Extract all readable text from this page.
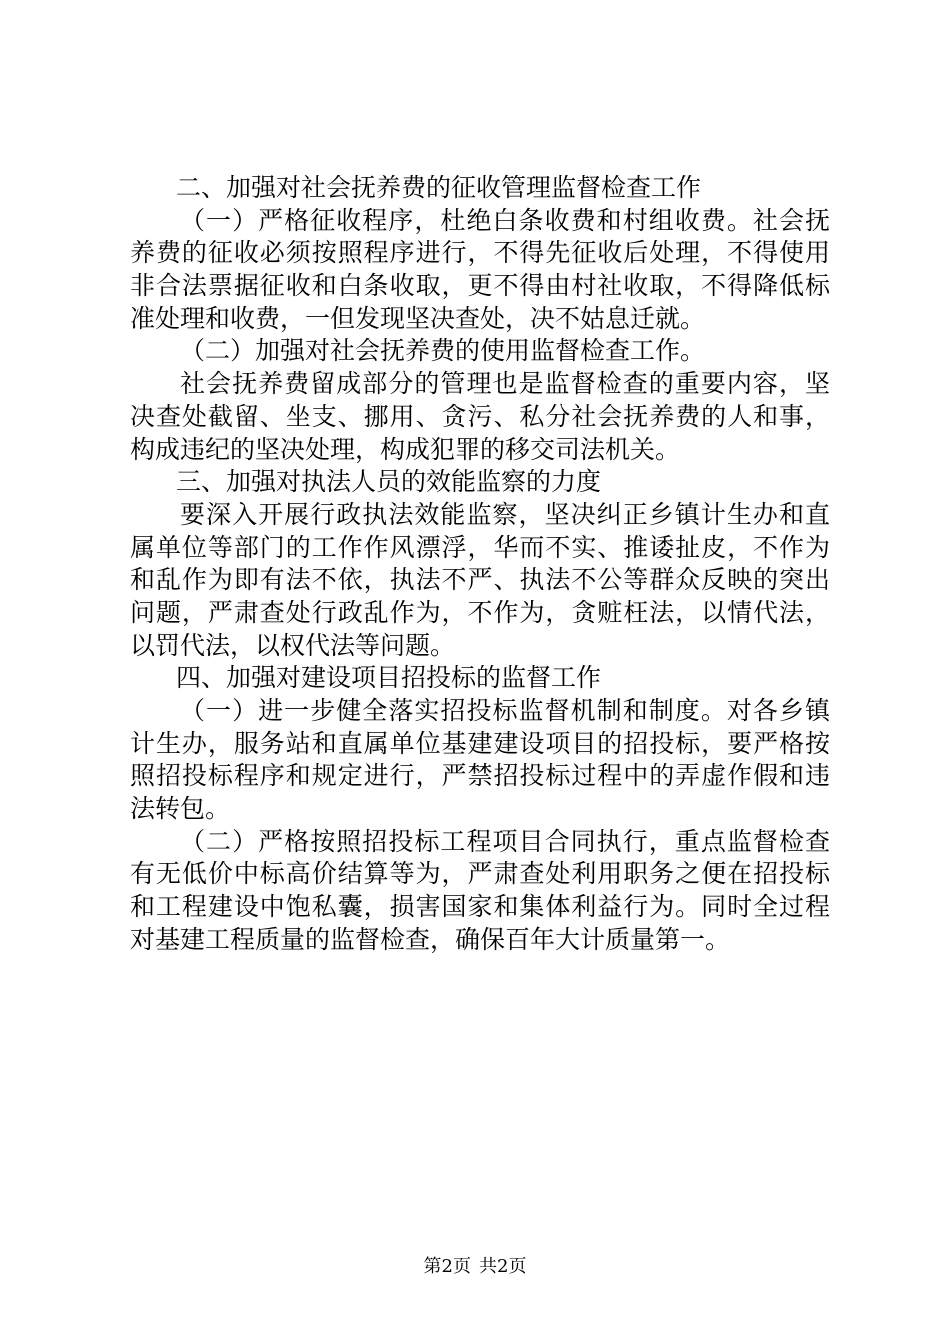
二、加强对社会抚养费的征收管理监督检查工作
（一）严格征收程序，杜绝白条收费和村组收费。社会抚
养费的征收必须按照程序进行，不得先征收后处理，不得使用
非合法票据征收和白条收取，更不得由村社收取，不得降低标
准处理和收费，一但发现坚决查处，决不姑息迁就。
（二）加强对社会抚养费的使用监督检查工作。
社会抚养费留成部分的管理也是监督检查的重要内容，坚
决查处截留、坐支、挪用、贪污、私分社会抚养费的人和事，
构成违纪的坚决处理，构成犯罪的移交司法机关。
三、加强对执法人员的效能监察的力度
要深入开展行政执法效能监察，坚决纠正乡镇计生办和直
属单位等部门的工作作风漂浮，华而不实、推诿扯皮，不作为
和乱作为即有法不依，执法不严、执法不公等群众反映的突出
问题，严肃查处行政乱作为，不作为，贪赃枉法，以情代法，
以罚代法，以权代法等问题。
四、加强对建设项目招投标的监督工作
（一）进一步健全落实招投标监督机制和制度。对各乡镇
计生办，服务站和直属单位基建建设项目的招投标，要严格按
照招投标程序和规定进行，严禁招投标过程中的弄虚作假和违
法转包。
（二）严格按照招投标工程项目合同执行，重点监督检查
有无低价中标高价结算等为，严肃查处利用职务之便在招投标
和工程建设中饱私囊，损害国家和集体利益行为。同时全过程
对基建工程质量的监督检查，确保百年大计质量第一。
第2页 共2页
